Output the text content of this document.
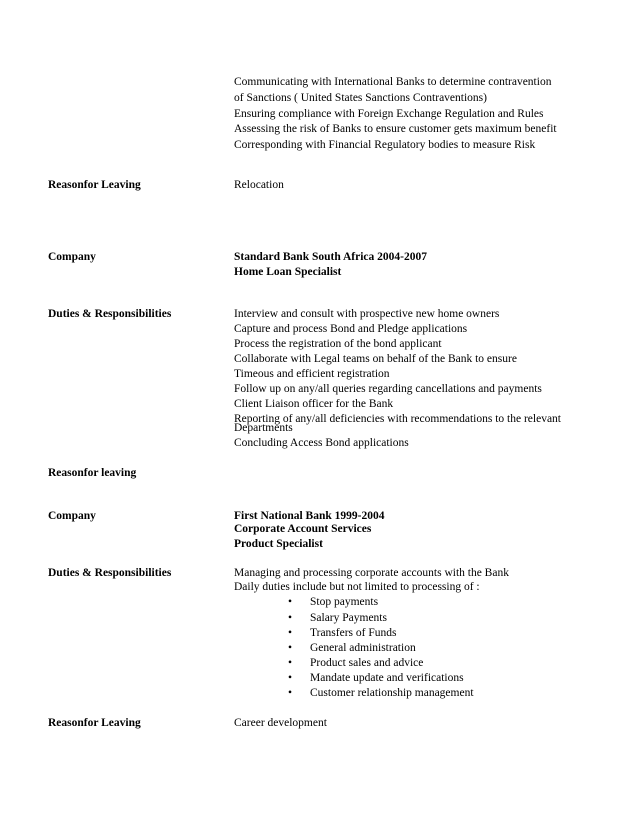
Communicating with International Banks to determine contravention
of Sanctions ( United States Sanctions Contraventions)
Ensuring compliance with Foreign Exchange Regulation and Rules
Assessing the risk of Banks to ensure customer gets maximum benefit
Corresponding with Financial Regulatory bodies to measure Risk
Reasonfor Leaving	Relocation
Company	Standard Bank South Africa 2004-2007
Home Loan Specialist
Duties & Responsibilities	Interview and consult with prospective new home owners
Capture and process Bond and Pledge applications
Process the registration of the bond applicant
Collaborate with Legal teams on behalf of the Bank to ensure
Timeous and efficient registration
Follow up on any/all queries regarding cancellations and payments
Client Liaison officer for the Bank
Reporting of any/all deficiencies with recommendations to the relevant
Departments
Concluding Access Bond applications
Reasonfor leaving
Company	First National Bank 1999-2004
Corporate Account Services
Product Specialist
Duties & Responsibilities	Managing and processing corporate accounts with the Bank
Daily duties include but not limited to processing of :
• Stop payments
• Salary Payments
• Transfers of Funds
• General administration
• Product sales and advice
• Mandate update and verifications
• Customer relationship management
Reasonfor Leaving	Career development
